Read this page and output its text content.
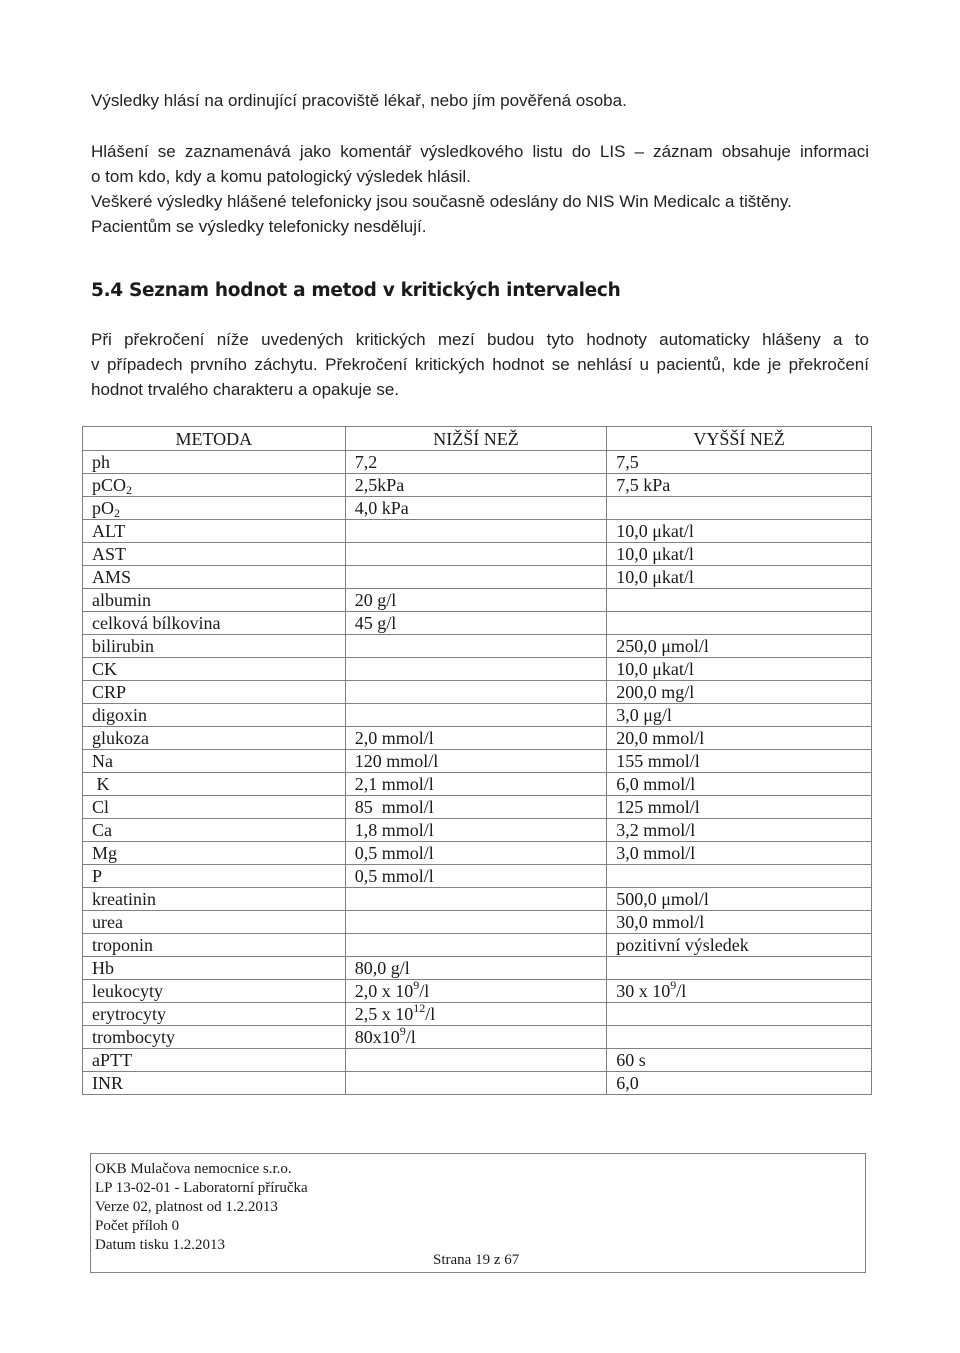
Výsledky hlásí na ordinující pracoviště lékař, nebo jím pověřená osoba.

Hlášení se zaznamenává jako komentář výsledkového listu do LIS – záznam obsahuje informaci
o tom kdo, kdy a komu patologický výsledek hlásil.

Veškeré výsledky hlášené telefonicky jsou současně odeslány do NIS Win Medicalc a tištěny.

Pacientům se výsledky telefonicky nesdělují.

5.4 Seznam hodnot a metod v kritických intervalech

Při překročení níže uvedených kritických mezí budou tyto hodnoty automaticky hlášeny a to
v případech prvního záchytu. Překročení kritických hodnot se nehlásí u pacientů, kde je překročení
hodnot trvalého charakteru a opakuje se.

METODA	NIŽŠÍ NEŽ	VYŠŠÍ NEŽ
ph	7,2	7,5
pCO$_2$	2,5kPa	7,5 kPa
$pO_2$	4,0 kPa	
ALT		10,0 μkat/l
AST		10,0 μkat/l
AMS		10,0 μkat/l
albumin	20 g/l	
celková bílkovina	45 g/l	
bilirubin		250,0 μmol/l
CK		10,0 μkat/l
CRP		200,0 mg/l
digoxin		3,0 μg/l
glukoza	2,0 mmol/l	20,0 mmol/l
Na	120 mmol/l	155 mmol/l
K	2,1 mmol/l	6,0 mmol/l
Cl	85  mmol/l	125 mmol/l
Ca	1,8 mmol/l	3,2 mmol/l
Mg	0,5 mmol/l	3,0 mmol/l
P	0,5 mmol/l	
kreatinin		500,0 μmol/l
urea		30,0 mmol/l
troponin		pozitivní výsledek
Hb	80,0 g/l	
leukocyty	2,0 x $10^9/l$	30 x $10^9/l$
erytrocyty	2,5 x $10^{12}/l$	
trombocyty	$80x10^9/l$	
aPTT		60 s
INR		6,0
OKB Mulačova nemocnice s.r.o.
LP 13-02-01 - Laboratorní příručka
Verze 02, platnost od 1.2.2013
Počet příloh 0
Datum tisku 1.2.2013
Strana 19 z 67
